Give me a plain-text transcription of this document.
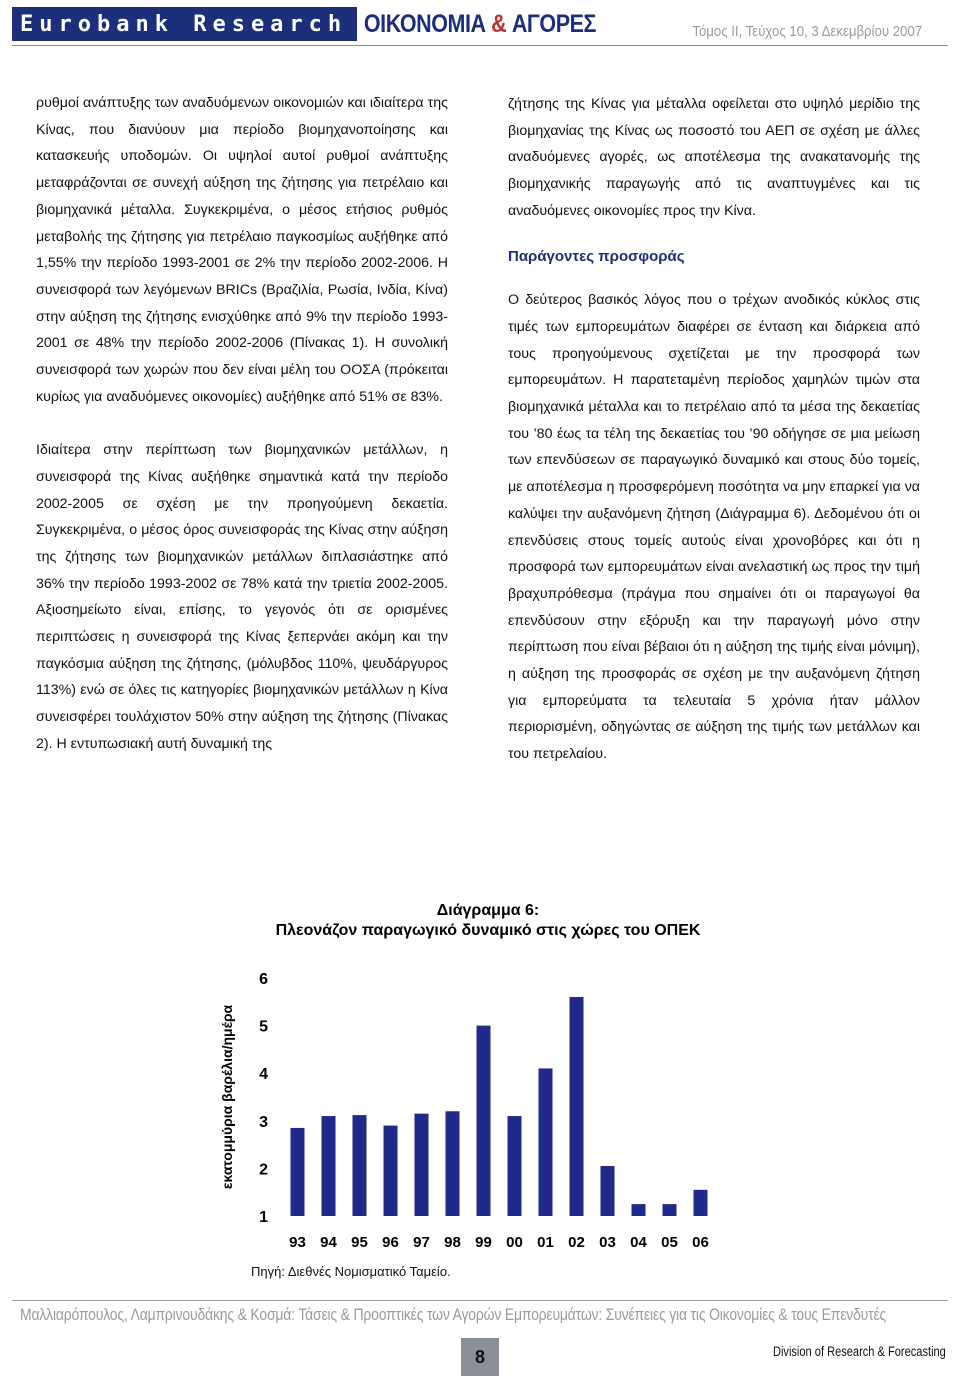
Eurobank Research ΟΙΚΟΝΟΜΙΑ
&
ΑΓΟΡΕΣ	Τόμος ΙΙ, Τεύχος 10, 3 Δεκεμβρίου 2007

ρυθμοί ανάπτυξης των αναδυόμενων οικονομιών και ιδιαίτερα της Κίνας, που διανύουν μια περίοδο βιομηχανοποίησης και κατασκευής υποδομών. Οι υψηλοί αυτοί ρυθμοί ανάπτυξης μεταφράζονται σε συνεχή αύξηση της ζήτησης για πετρέλαιο και βιομηχανικά μέταλλα. Συγκεκριμένα, ο μέσος ετήσιος ρυθμός μεταβολής της ζήτησης για πετρέλαιο παγκοσμίως αυξήθηκε από 1,55% την περίοδο 1993-2001 σε 2% την περίοδο 2002-2006. Η συνεισφορά των λεγόμενων BRICs (Βραζιλία, Ρωσία, Ινδία, Κίνα) στην αύξηση της ζήτησης ενισχύθηκε από 9% την περίοδο 1993-2001 σε 48% την περίοδο 2002-2006 (Πίνακας 1). Η συνολική συνεισφορά των χωρών που δεν είναι μέλη του ΟΟΣΑ (πρόκειται κυρίως για αναδυόμενες οικονομίες) αυξήθηκε από 51% σε 83%.

Ιδιαίτερα στην περίπτωση των βιομηχανικών μετάλλων, η συνεισφορά της Κίνας αυξήθηκε σημαντικά κατά την περίοδο 2002-2005 σε σχέση με την προηγούμενη δεκαετία. Συγκεκριμένα, ο μέσος όρος συνεισφοράς της Κίνας στην αύξηση της ζήτησης των βιομηχανικών μετάλλων διπλασιάστηκε από 36% την περίοδο 1993-2002 σε 78% κατά την τριετία 2002-2005. Αξιοσημείωτο είναι, επίσης, το γεγονός ότι σε ορισμένες περιπτώσεις η συνεισφορά της Κίνας ξεπερνάει ακόμη και την παγκόσμια αύξηση της ζήτησης, (μόλυβδος 110%, ψευδάργυρος 113%) ενώ σε όλες τις κατηγορίες βιομηχανικών μετάλλων η Κίνα συνεισφέρει τουλάχιστον 50% στην αύξηση της ζήτησης (Πίνακας 2). Η εντυπωσιακή αυτή δυναμική της

ζήτησης της Κίνας για μέταλλα οφείλεται στο υψηλό μερίδιο της βιομηχανίας της Κίνας ως ποσοστό του ΑΕΠ σε σχέση με άλλες αναδυόμενες αγορές, ως αποτέλεσμα της ανακατανομής της βιομηχανικής παραγωγής από τις αναπτυγμένες και τις αναδυόμενες οικονομίες προς την Κίνα.

Παράγοντες προσφοράς

Ο δεύτερος βασικός λόγος που ο τρέχων ανοδικός κύκλος στις τιμές των εμπορευμάτων διαφέρει σε ένταση και διάρκεια από τους προηγούμενους σχετίζεται με την προσφορά των εμπορευμάτων. Η παρατεταμένη περίοδος χαμηλών τιμών στα βιομηχανικά μέταλλα και το πετρέλαιο από τα μέσα της δεκαετίας του ’80 έως τα τέλη της δεκαετίας του ’90 οδήγησε σε μια μείωση των επενδύσεων σε παραγωγικό δυναμικό και στους δύο τομείς, με αποτέλεσμα η προσφερόμενη ποσότητα να μην επαρκεί για να καλύψει την αυξανόμενη ζήτηση (Διάγραμμα 6). Δεδομένου ότι οι επενδύσεις στους τομείς αυτούς είναι χρονοβόρες και ότι η προσφορά των εμπορευμάτων είναι ανελαστική ως προς την τιμή βραχυπρόθεσμα (πράγμα που σημαίνει ότι οι παραγωγοί θα επενδύσουν στην εξόρυξη και την παραγωγή μόνο στην περίπτωση που είναι βέβαιοι ότι η αύξηση της τιμής είναι μόνιμη), η αύξηση της προσφοράς σε σχέση με την αυξανόμενη ζήτηση για εμπορεύματα τα τελευταία 5 χρόνια ήταν μάλλον περιορισμένη, οδηγώντας σε αύξηση της τιμής των μετάλλων και του πετρελαίου.

Διάγραμμα 6:
Πλεονάζον παραγωγικό δυναμικό στις χώρες του ΟΠΕΚ
εκατομμύρια βαρέλια/ημέρα
1
2
3
4
5
6
93 94 95 96 97 98 99 00 01 02 03 04 05 06
Πηγή: Διεθνές Νομισματικό Ταμείο.
Μαλλιαρόπουλος, Λαμπρινουδάκης & Κοσμά: Τάσεις & Προοπτικές των Αγορών Εμπορευμάτων: Συνέπειες για τις Οικονομίες & τους Επενδυτές
8	Division of Research & Forecasting
